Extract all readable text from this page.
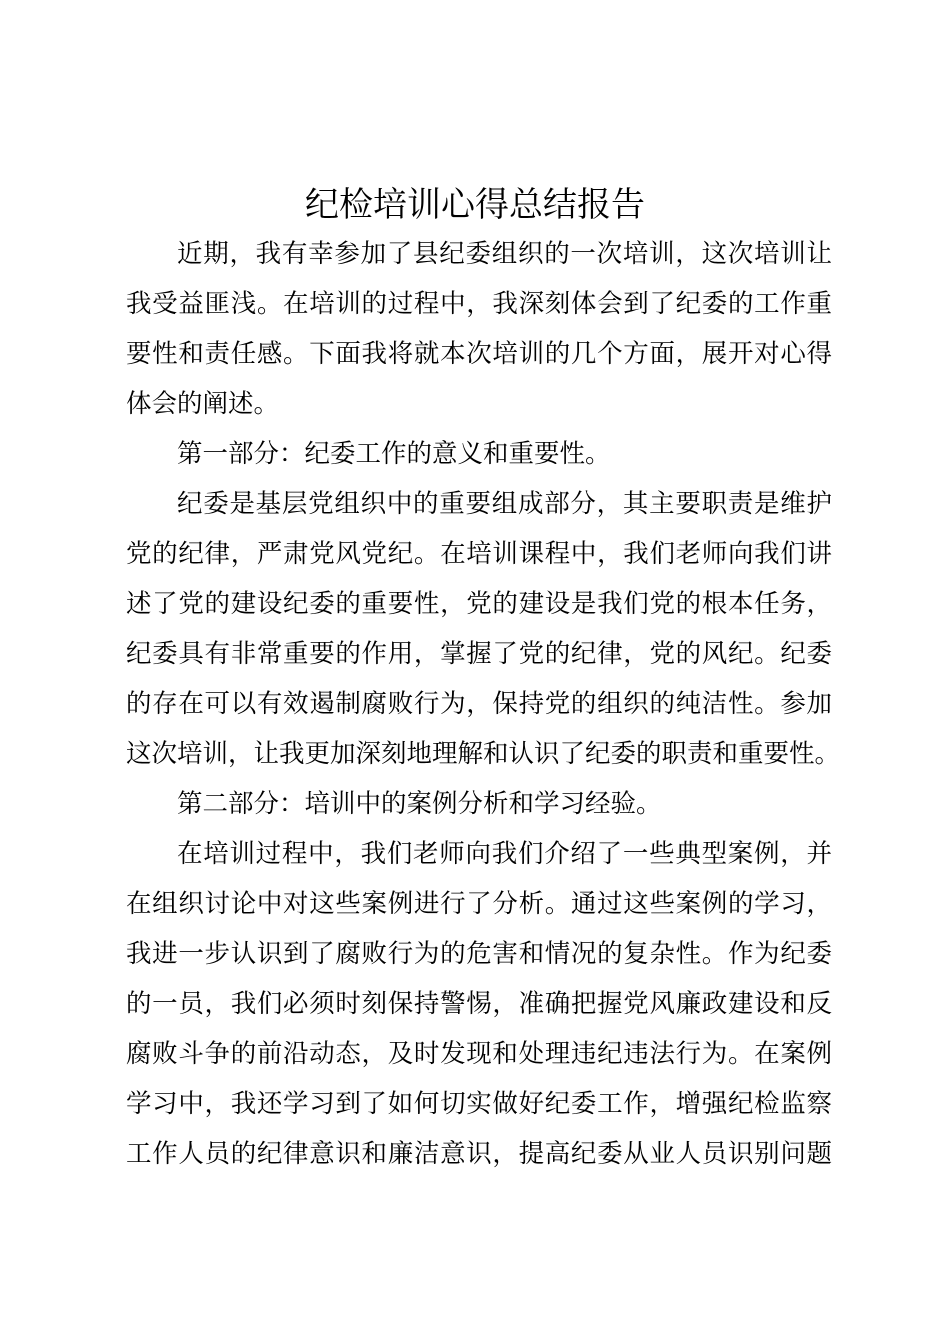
纪检培训心得总结报告
近期，我有幸参加了县纪委组织的一次培训，这次培训让
我受益匪浅。在培训的过程中，我深刻体会到了纪委的工作重
要性和责任感。下面我将就本次培训的几个方面，展开对心得
体会的阐述。
第一部分：纪委工作的意义和重要性。
纪委是基层党组织中的重要组成部分，其主要职责是维护
党的纪律，严肃党风党纪。在培训课程中，我们老师向我们讲
述了党的建设纪委的重要性，党的建设是我们党的根本任务，
纪委具有非常重要的作用，掌握了党的纪律，党的风纪。纪委
的存在可以有效遏制腐败行为，保持党的组织的纯洁性。参加
这次培训，让我更加深刻地理解和认识了纪委的职责和重要性。
第二部分：培训中的案例分析和学习经验。
在培训过程中，我们老师向我们介绍了一些典型案例，并
在组织讨论中对这些案例进行了分析。通过这些案例的学习，
我进一步认识到了腐败行为的危害和情况的复杂性。作为纪委
的一员，我们必须时刻保持警惕，准确把握党风廉政建设和反
腐败斗争的前沿动态，及时发现和处理违纪违法行为。在案例
学习中，我还学习到了如何切实做好纪委工作，增强纪检监察
工作人员的纪律意识和廉洁意识，提高纪委从业人员识别问题
